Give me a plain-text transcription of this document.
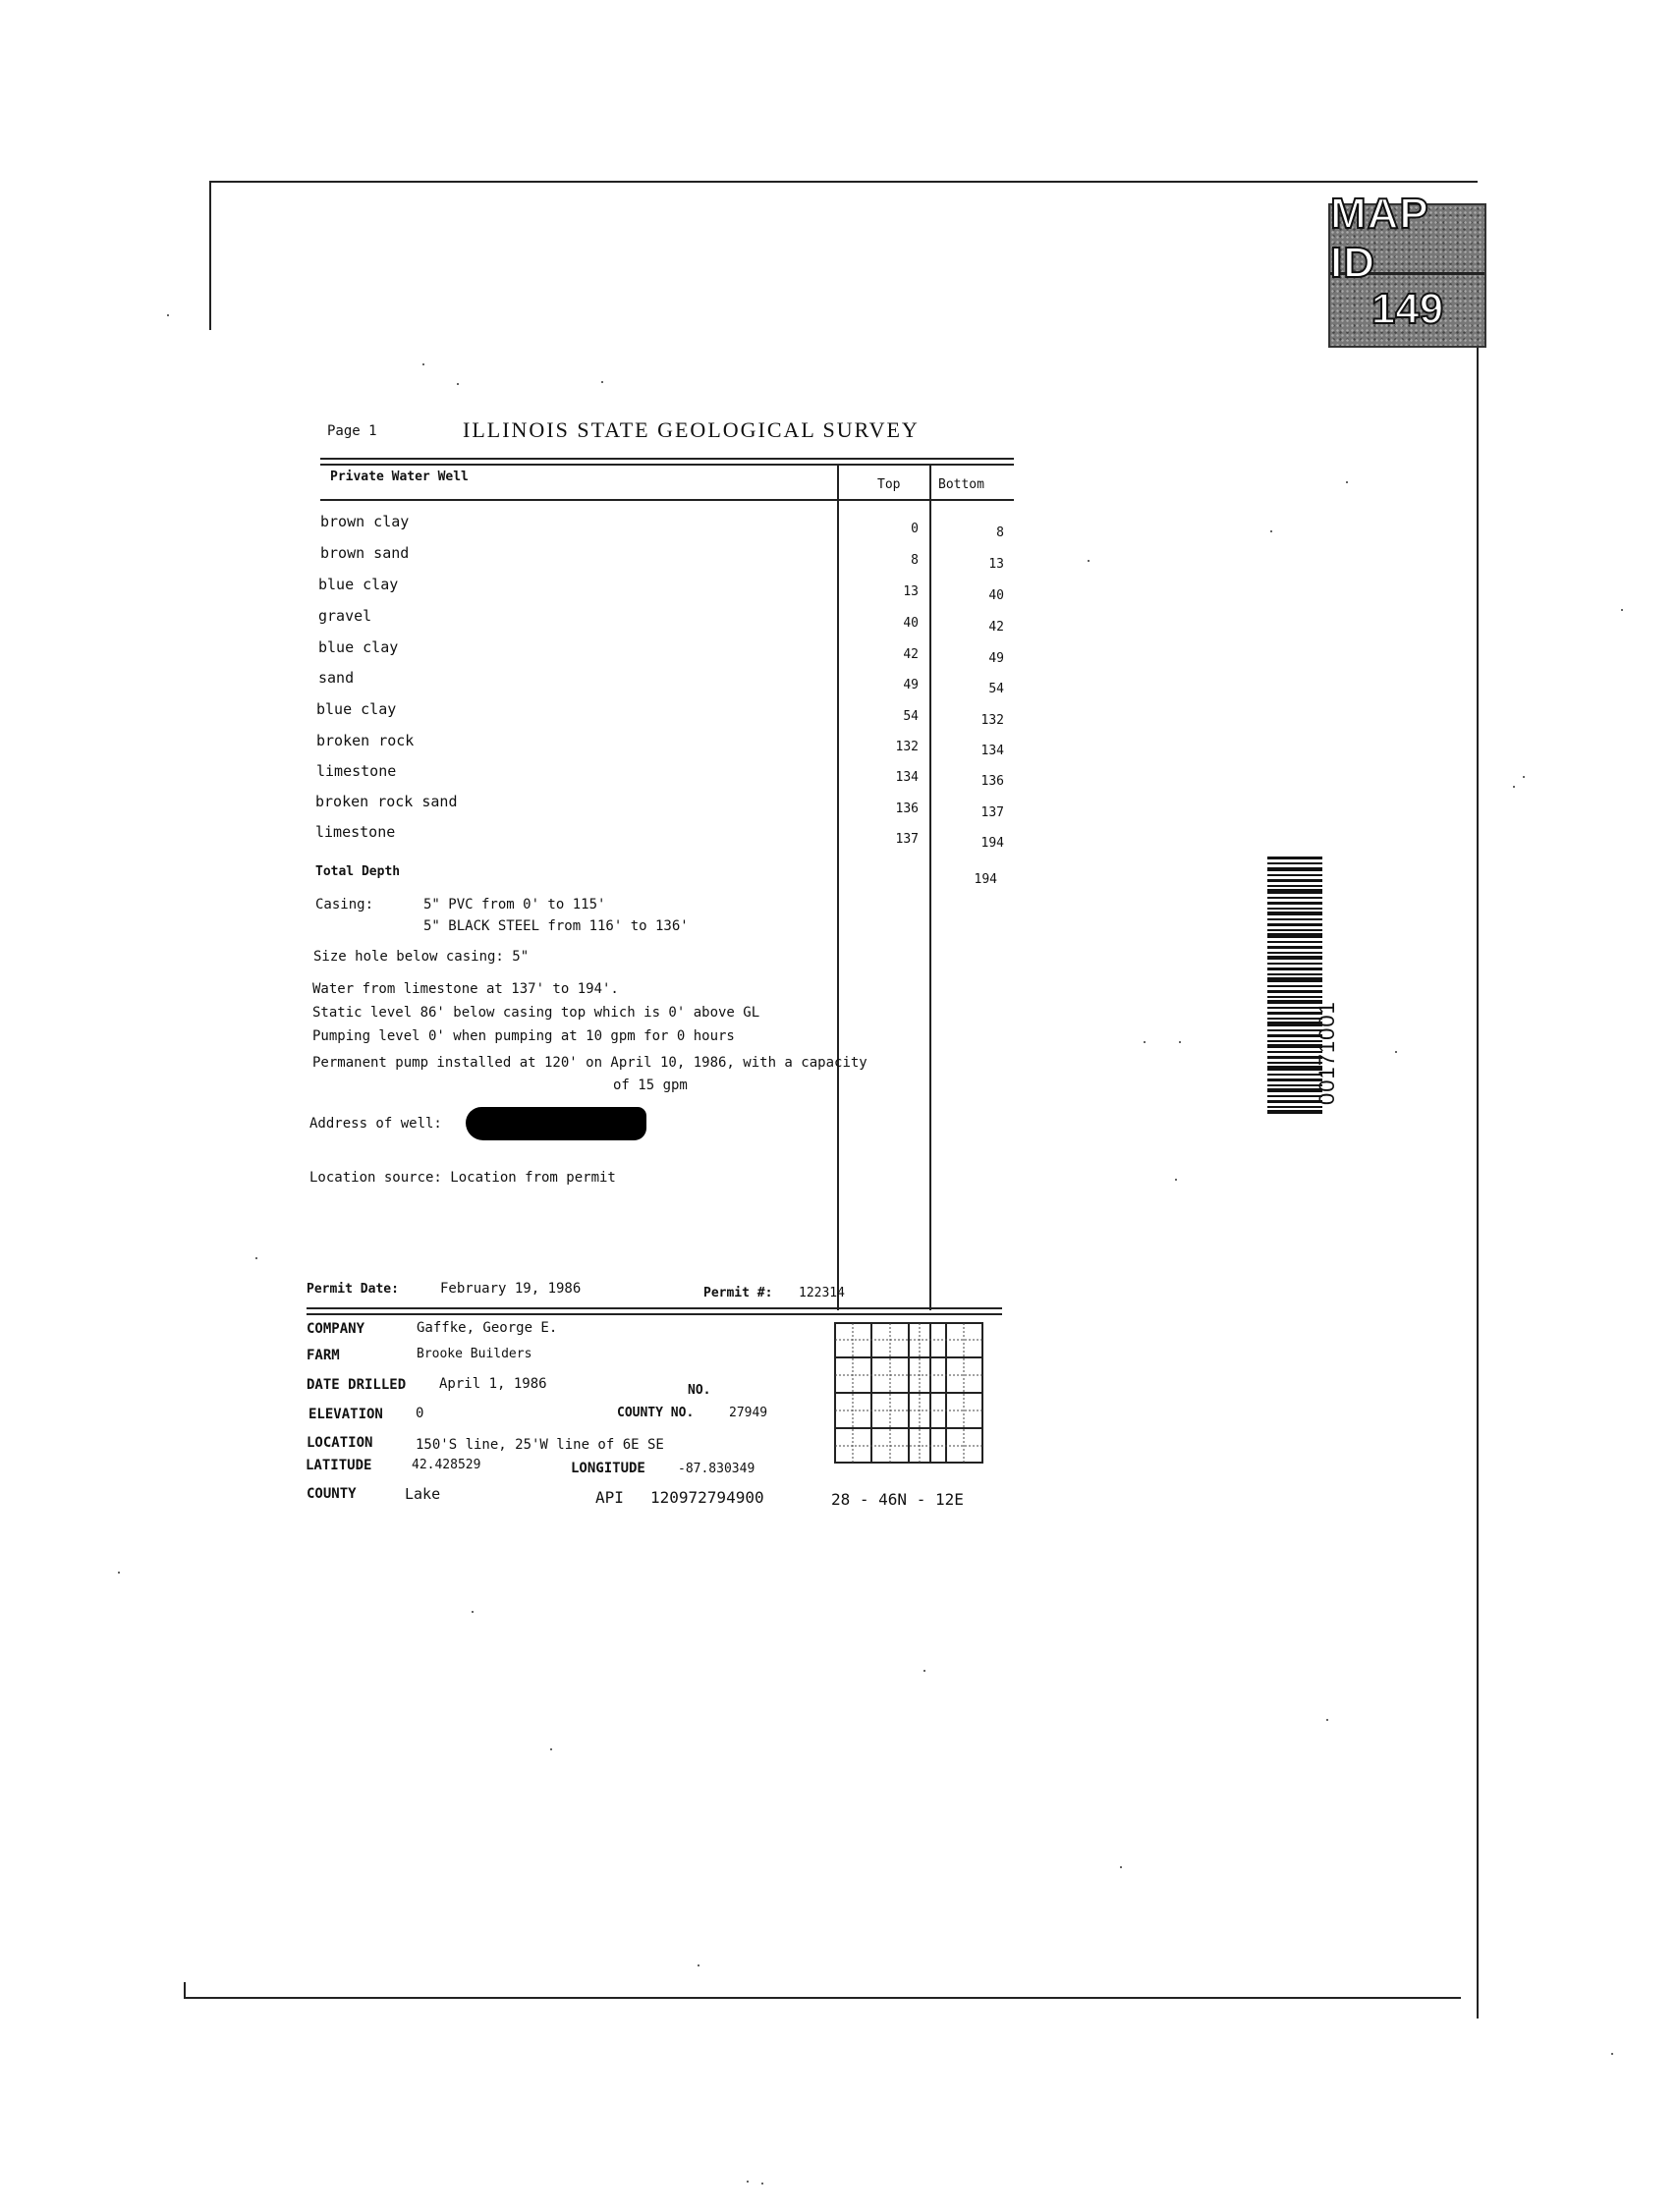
MAP ID
149
Page 1	ILLINOIS STATE GEOLOGICAL SURVEY
Private Water Well
Top	Bottom
brown clay	0	8
brown sand	8	13
blue clay	13	40
gravel	40	42
blue clay	42	49
sand	49	54
blue clay	54	132
broken rock	132	134
limestone	134	136
broken rock sand	136	137
limestone	137	194
Total Depth
194
Casing:	5" PVC from 0' to 115'
5" BLACK STEEL from 116' to 136'
Size hole below casing: 5"
Water from limestone at 137' to 194'.
Static level 86' below casing top which is 0' above GL
Pumping level 0' when pumping at 10 gpm for 0 hours
Permanent pump installed at 120' on April 10, 1986, with a capacity
of 15 gpm
Address of well:
Location source: Location from permit
Permit Date:	February 19, 1986	Permit #: 122314
COMPANY	Gaffke, George E.
FARM	Brooke Builders
DATE DRILLED April 1, 1986	NO.
ELEVATION 0	COUNTY NO.	27949
LOCATION	150'S line, 25'W line of 6E SE
LATITUDE	42.428529	LONGITUDE	-87.830349
COUNTY	Lake	API 120972794900	28 - 46N - 12E
00171001
